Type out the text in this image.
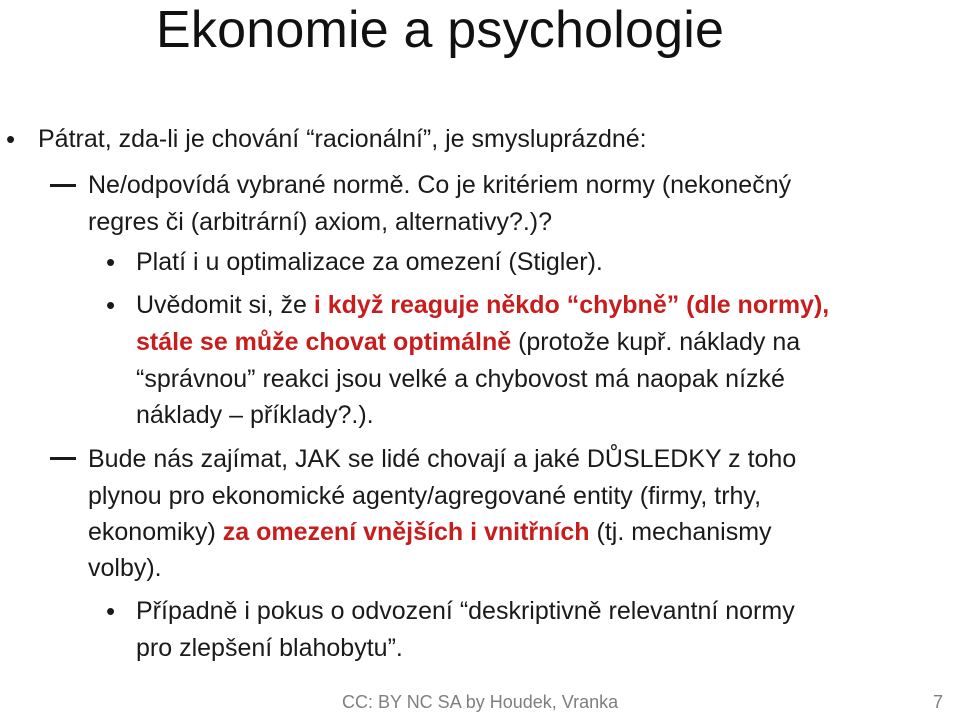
Ekonomie a psychologie
• Pátrat, zda-li je chování “racionální”, je smysluprázdné:
Ne/odpovídá vybrané normě. Co je kritériem normy (nekonečný
regres či (arbitrární) axiom, alternativy?.)?
• Platí i u optimalizace za omezení (Stigler).
• Uvědomit si, že i když reaguje někdo “chybně” (dle normy),
stále se může chovat optimálně (protože kupř. náklady na
“správnou” reakci jsou velké a chybovost má naopak nízké
náklady – příklady?.).
Bude nás zajímat, JAK se lidé chovají a jaké DŮSLEDKY z toho
plynou pro ekonomické agenty/agregované entity (firmy, trhy,
ekonomiky) za omezení vnějších i vnitřních (tj. mechanismy
volby).
• Případně i pokus o odvození “deskriptivně relevantní normy
pro zlepšení blahobytu”.
CC: BY NC SA by Houdek, Vranka	7
